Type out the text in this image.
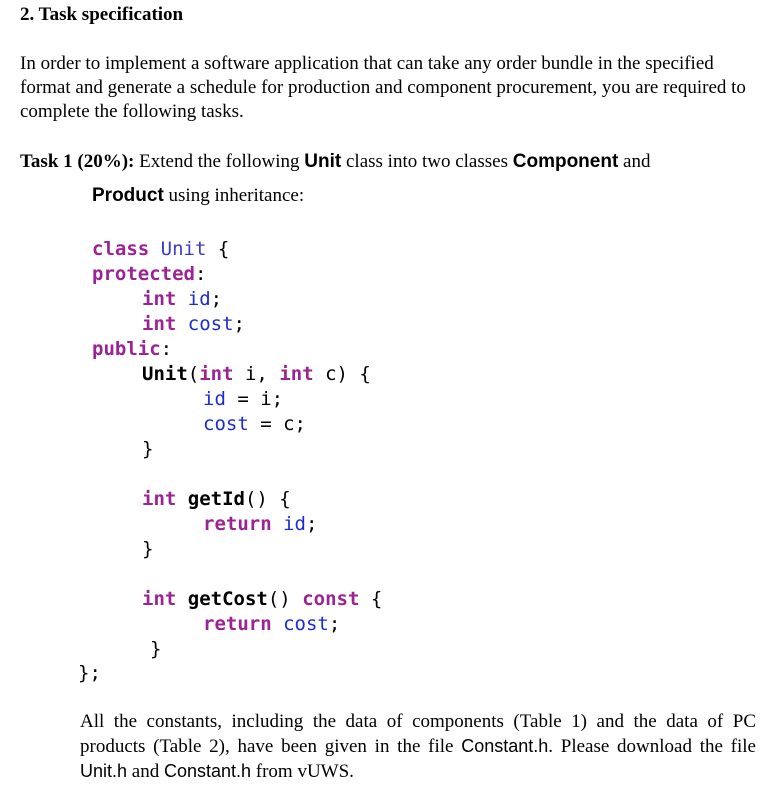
2. Task specification
In order to implement a software application that can take any order bundle in the specified format and generate a schedule for production and component procurement, you are required to complete the following tasks.
Task 1 (20%): Extend the following Unit class into two classes Component and
Product using inheritance:
class Unit {
protected:
int id;
int cost;
public:
Unit(int i, int c) {
id = i;
cost = c;
}
int getId() {
return id;
}
int getCost() const {
return cost;
}
};
All the constants, including the data of components (Table 1) and the data of PC products (Table 2), have been given in the file Constant.h. Please download the file Unit.h and Constant.h from vUWS.
